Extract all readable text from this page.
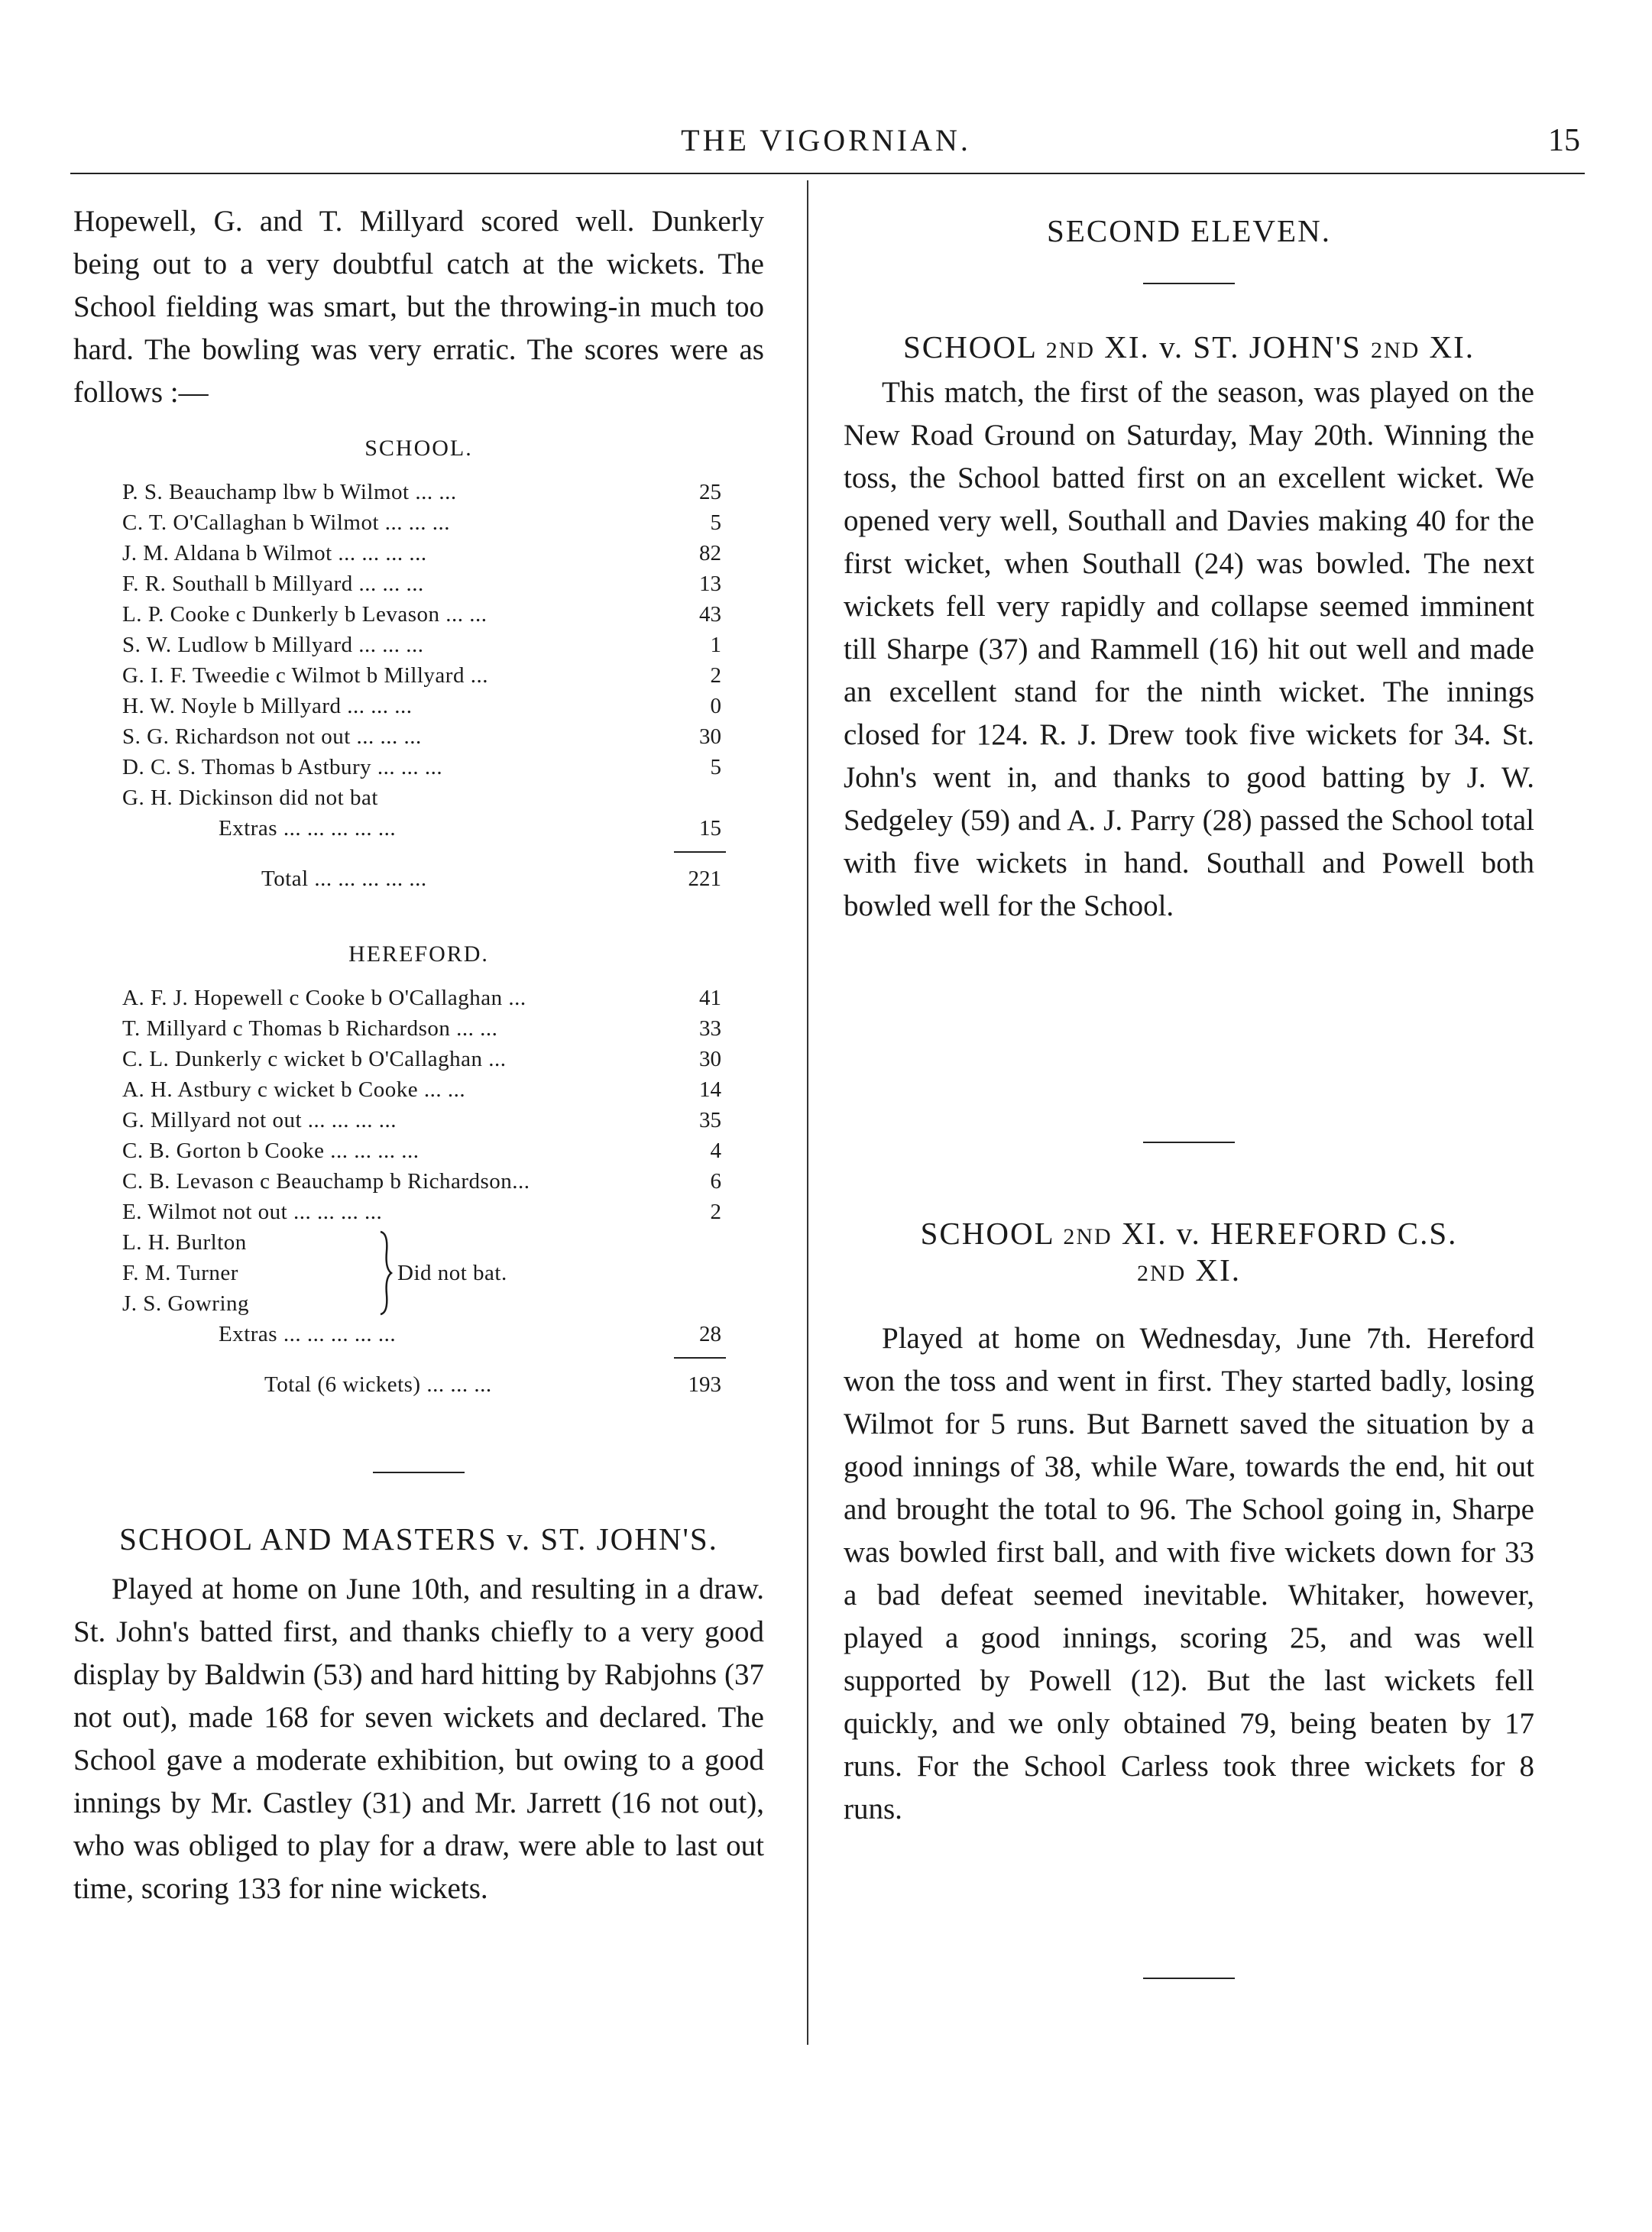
THE VIGORNIAN.	15

Hopewell, G. and T. Millyard scored well. Dunkerly being out to a very doubtful catch at the wickets. The School fielding was smart, but the throwing-in much too hard. The bowling was very erratic. The scores were as follows :—

SCHOOL.
P. S. Beauchamp lbw b Wilmot ... ...	25
C. T. O'Callaghan b Wilmot ... ... ...	5
J. M. Aldana b Wilmot ... ... ... ...	82
F. R. Southall b Millyard ... ... ...	13
L. P. Cooke c Dunkerly b Levason ... ...	43
S. W. Ludlow b Millyard ... ... ...	1
G. I. F. Tweedie c Wilmot b Millyard ...	2
H. W. Noyle b Millyard ... ... ...	0
S. G. Richardson not out ... ... ...	30
D. C. S. Thomas b Astbury ... ... ...	5
G. H. Dickinson did not bat
Extras ... ... ... ... ...	15
Total ... ... ... ... ...	221
HEREFORD.
A. F. J. Hopewell c Cooke b O'Callaghan ...	41
T. Millyard c Thomas b Richardson ... ...	33
C. L. Dunkerly c wicket b O'Callaghan ...	30
A. H. Astbury c wicket b Cooke ... ...	14
G. Millyard not out ... ... ... ...	35
C. B. Gorton b Cooke ... ... ... ...	4
C. B. Levason c Beauchamp b Richardson...	6
E. Wilmot not out ... ... ... ...	2
L. H. Burlton
F. M. Turner
J. S. Gowring
Did not bat.
Extras ... ... ... ... ...	28
Total (6 wickets) ... ... ...	193
SCHOOL AND MASTERS v. ST. JOHN'S.

Played at home on June 10th, and resulting in a draw. St. John's batted first, and thanks chiefly to a very good display by Baldwin (53) and hard hitting by Rabjohns (37 not out), made 168 for seven wickets and declared. The School gave a moderate exhibition, but owing to a good innings by Mr. Castley (31) and Mr. Jarrett (16 not out), who was obliged to play for a draw, were able to last out time, scoring 133 for nine wickets.

SECOND ELEVEN.
SCHOOL 2ND XI. v. ST. JOHN'S 2ND XI.

This match, the first of the season, was played on the New Road Ground on Saturday, May 20th. Winning the toss, the School batted first on an excellent wicket. We opened very well, Southall and Davies making 40 for the first wicket, when Southall (24) was bowled. The next wickets fell very rapidly and collapse seemed imminent till Sharpe (37) and Rammell (16) hit out well and made an excellent stand for the ninth wicket. The innings closed for 124. R. J. Drew took five wickets for 34. St. John's went in, and thanks to good batting by J. W. Sedgeley (59) and A. J. Parry (28) passed the School total with five wickets in hand. Southall and Powell both bowled well for the School.

SCHOOL 2ND XI. v. HEREFORD C.S.
2ND XI.

Played at home on Wednesday, June 7th. Hereford won the toss and went in first. They started badly, losing Wilmot for 5 runs. But Barnett saved the situation by a good innings of 38, while Ware, towards the end, hit out and brought the total to 96. The School going in, Sharpe was bowled first ball, and with five wickets down for 33 a bad defeat seemed inevitable. Whitaker, however, played a good innings, scoring 25, and was well supported by Powell (12). But the last wickets fell quickly, and we only obtained 79, being beaten by 17 runs. For the School Carless took three wickets for 8 runs.
